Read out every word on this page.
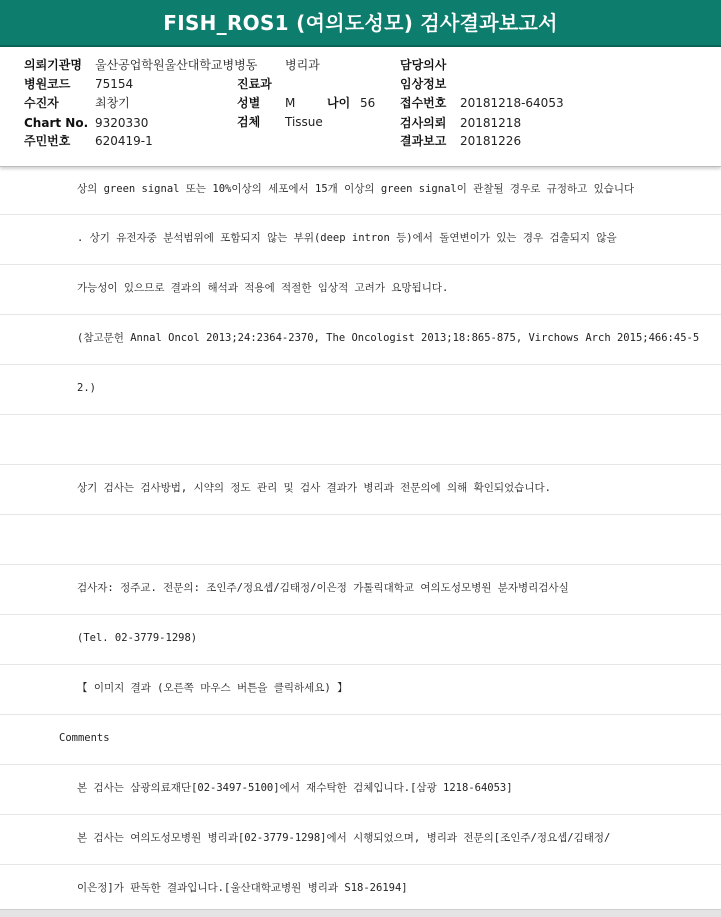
FISH_ROS1 (여의도성모) 검사결과보고서
의뢰기관명 울산공업학원울산대학교병병동 병리과	담당의사
병원코드 75154	진료과	임상정보
수진자	최창기	성별 M	나이 56 접수번호 20181218-64053
Chart No. 9320330	검체 Tissue	검사의뢰 20181218
주민번호 620419-1	결과보고 20181226
상의 green signal 또는 10%이상의 세포에서 15개 이상의 green signal이 관찰될 경우로 규정하고 있습니다
. 상기 유전자중 분석범위에 포함되지 않는 부위(deep intron 등)에서 돌연변이가 있는 경우 검출되지 않을
가능성이 있으므로 결과의 해석과 적용에 적절한 임상적 고려가 요망됩니다.
(참고문헌 Annal Oncol 2013;24:2364-2370, The Oncologist 2013;18:865-875, Virchows Arch 2015;466:45-5
2.)
상기 검사는 검사방법, 시약의 정도 관리 및 검사 결과가 병리과 전문의에 의해 확인되었습니다.
검사자: 정주교. 전문의: 조인주/정요셉/김태정/이은정 가톨릭대학교 여의도성모병원 분자병리검사실
(Tel. 02-3779-1298)
【 이미지 결과 (오른쪽 마우스 버튼을 클릭하세요) 】
Comments
본 검사는 삼광의료재단[02-3497-5100]에서 재수탁한 검체입니다.[삼광 1218-64053]
본 검사는 여의도성모병원 병리과[02-3779-1298]에서 시행되었으며, 병리과 전문의[조인주/정요셉/김태정/
이은정]가 판독한 결과입니다.[울산대학교병원 병리과 S18-26194]
